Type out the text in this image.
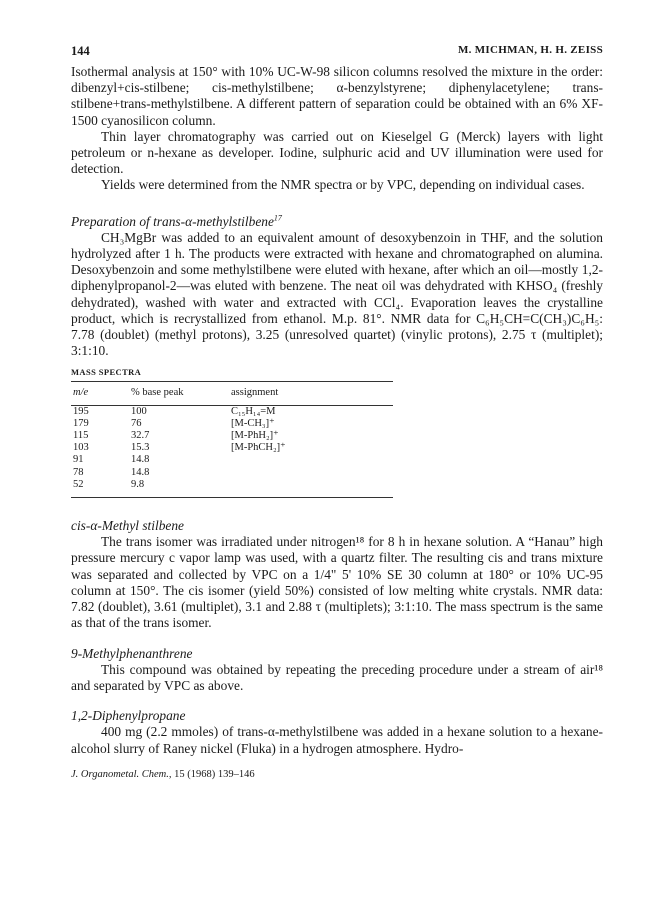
144	M. MICHMAN, H. H. ZEISS

Isothermal analysis at 150° with 10% UC-W-98 silicon columns resolved the mixture in the order: dibenzyl+cis-stilbene; cis-methylstilbene; α-benzylstyrene; diphenylacetylene; trans-stilbene+trans-methylstilbene. A different pattern of separation could be obtained with an 6% XF-1500 cyanosilicon column.

Thin layer chromatography was carried out on Kieselgel G (Merck) layers with light petroleum or n-hexane as developer. Iodine, sulphuric acid and UV illumination were used for detection.

Yields were determined from the NMR spectra or by VPC, depending on individual cases.

Preparation of trans-α-methylstilbene$^{17}$

CH₃MgBr was added to an equivalent amount of desoxybenzoin in THF, and the solution hydrolyzed after 1 h. The products were extracted with hexane and chromatographed on alumina. Desoxybenzoin and some methylstilbene were eluted with hexane, after which an oil—mostly 1,2-diphenylpropanol-2—was eluted with benzene. The neat oil was dehydrated with KHSO₄ (freshly dehydrated), washed with water and extracted with CCl₄. Evaporation leaves the crystalline product, which is recrystallized from ethanol. M.p. 81°. NMR data for C₆H₅CH=C(CH₃)C₆H₅: 7.78 (doublet) (methyl protons), 3.25 (unresolved quartet) (vinylic protons), 2.75 τ (multiplet); 3:1:10.

MASS SPECTRA
m/e	% base peak	assignment
195	100	C₁₅H₁₄=M
179	76	[M-CH₃]⁺
115	32.7	[M-PhH₂]⁺
103	15.3	[M-PhCH₂]⁺
91	14.8	
78	14.8	
52	9.8	

cis-α-Methyl stilbene

The trans isomer was irradiated under nitrogen¹⁸ for 8 h in hexane solution. A “Hanau” high pressure mercury c vapor lamp was used, with a quartz filter. The resulting cis and trans mixture was separated and collected by VPC on a 1/4" 5' 10% SE 30 column at 180° or 10% UC-95 column at 150°. The cis isomer (yield 50%) consisted of low melting white crystals. NMR data: 7.82 (doublet), 3.61 (multiplet), 3.1 and 2.88 τ (multiplets); 3:1:10. The mass spectrum is the same as that of the trans isomer.

9-Methylphenanthrene

This compound was obtained by repeating the preceding procedure under a stream of air¹⁸ and separated by VPC as above.

1,2-Diphenylpropane

400 mg (2.2 mmoles) of trans-α-methylstilbene was added in a hexane solution to a hexane-alcohol slurry of Raney nickel (Fluka) in a hydrogen atmosphere. Hydro-

J. Organometal. Chem., 15 (1968) 139–146
